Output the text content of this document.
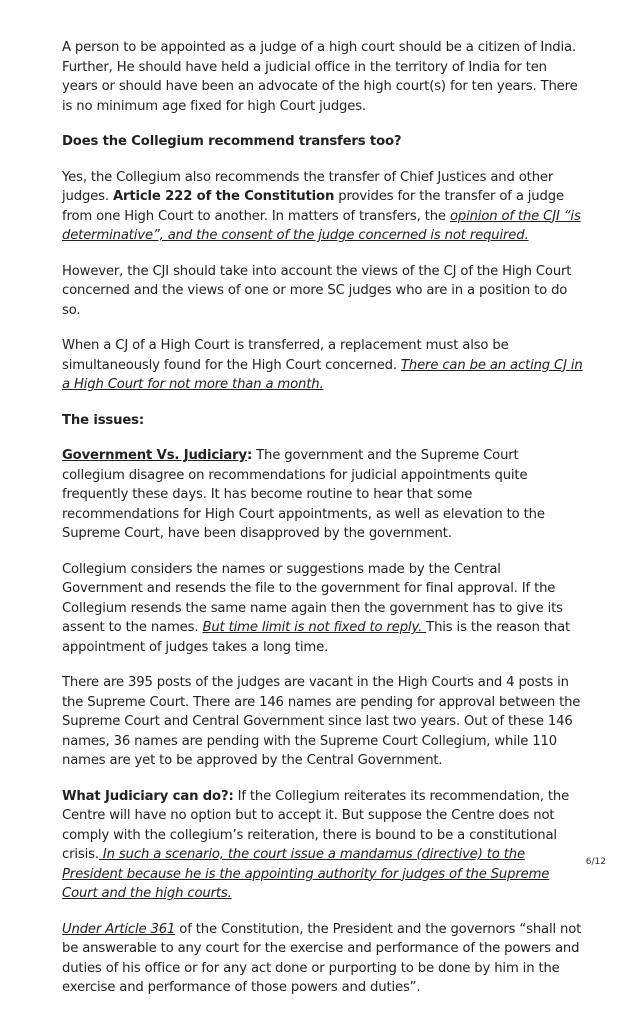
A person to be appointed as a judge of a high court should be a citizen of India. Further, He should have held a judicial office in the territory of India for ten years or should have been an advocate of the high court(s) for ten years. There is no minimum age fixed for high Court judges.

Does the Collegium recommend transfers too?

Yes, the Collegium also recommends the transfer of Chief Justices and other judges. Article 222 of the Constitution provides for the transfer of a judge from one High Court to another. In matters of transfers, the opinion of the CJI “is determinative”, and the consent of the judge concerned is not required.

However, the CJI should take into account the views of the CJ of the High Court concerned and the views of one or more SC judges who are in a position to do so.

When a CJ of a High Court is transferred, a replacement must also be simultaneously found for the High Court concerned. There can be an acting CJ in a High Court for not more than a month.

The issues:

Government Vs. Judiciary: The government and the Supreme Court collegium disagree on recommendations for judicial appointments quite frequently these days. It has become routine to hear that some recommendations for High Court appointments, as well as elevation to the Supreme Court, have been disapproved by the government.

Collegium considers the names or suggestions made by the Central Government and resends the file to the government for final approval. If the Collegium resends the same name again then the government has to give its assent to the names. But time limit is not fixed to reply. This is the reason that appointment of judges takes a long time.

There are 395 posts of the judges are vacant in the High Courts and 4 posts in the Supreme Court. There are 146 names are pending for approval between the Supreme Court and Central Government since last two years. Out of these 146 names, 36 names are pending with the Supreme Court Collegium, while 110 names are yet to be approved by the Central Government.

What Judiciary can do?: If the Collegium reiterates its recommendation, the Centre will have no option but to accept it. But suppose the Centre does not comply with the collegium’s reiteration, there is bound to be a constitutional crisis. In such a scenario, the court issue a mandamus (directive) to the President because he is the appointing authority for judges of the Supreme Court and the high courts.

Under Article 361 of the Constitution, the President and the governors “shall not be answerable to any court for the exercise and performance of the powers and duties of his office or for any act done or purporting to be done by him in the exercise and performance of those powers and duties”.

6/12
